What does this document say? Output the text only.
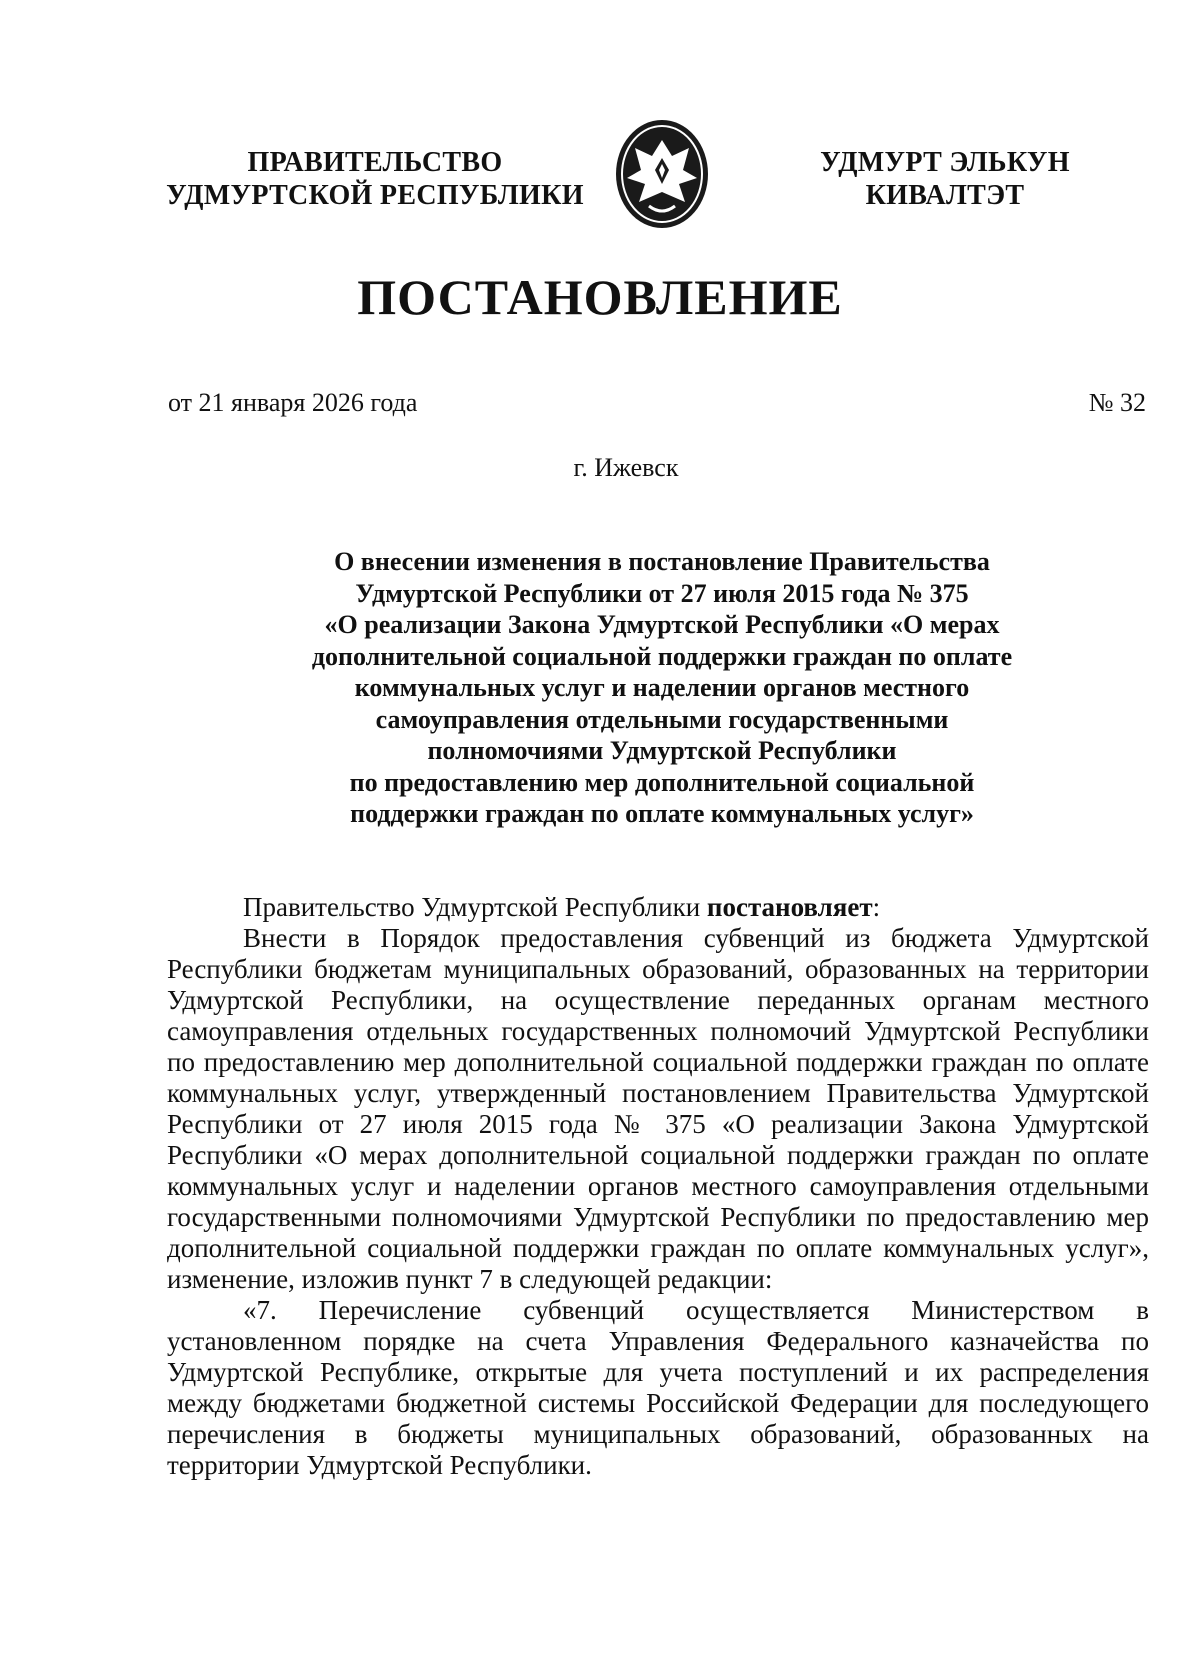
ПРАВИТЕЛЬСТВО
УДМУРТСКОЙ РЕСПУБЛИКИ
УДМУРТ ЭЛЬКУН
КИВАЛТЭТ
ПОСТАНОВЛЕНИЕ
от 21 января 2026 года	№ 32
г. Ижевск
О внесении изменения в постановление Правительства
Удмуртской Республики от 27 июля 2015 года № 375
«О реализации Закона Удмуртской Республики «О мерах
дополнительной социальной поддержки граждан по оплате
коммунальных услуг и наделении органов местного
самоуправления отдельными государственными
полномочиями Удмуртской Республики
по предоставлению мер дополнительной социальной
поддержки граждан по оплате коммунальных услуг»

Правительство Удмуртской Республики постановляет:

Внести в Порядок предоставления субвенций из бюджета Удмуртской Республики бюджетам муниципальных образований, образованных на территории Удмуртской Республики, на осуществление переданных органам местного самоуправления отдельных государственных полномочий Удмуртской Республики по предоставлению мер дополнительной социальной поддержки граждан по оплате коммунальных услуг, утвержденный постановлением Правительства Удмуртской Республики от 27 июля 2015 года № 375 «О реализации Закона Удмуртской Республики «О мерах дополнительной социальной поддержки граждан по оплате коммунальных услуг и наделении органов местного самоуправления отдельными государственными полномочиями Удмуртской Республики по предоставлению мер дополнительной социальной поддержки граждан по оплате коммунальных услуг», изменение, изложив пункт 7 в следующей редакции:

«7. Перечисление субвенций осуществляется Министерством в установленном порядке на счета Управления Федерального казначейства по Удмуртской Республике, открытые для учета поступлений и их распределения между бюджетами бюджетной системы Российской Федерации для последующего перечисления в бюджеты муниципальных образований, образованных на территории Удмуртской Республики.
